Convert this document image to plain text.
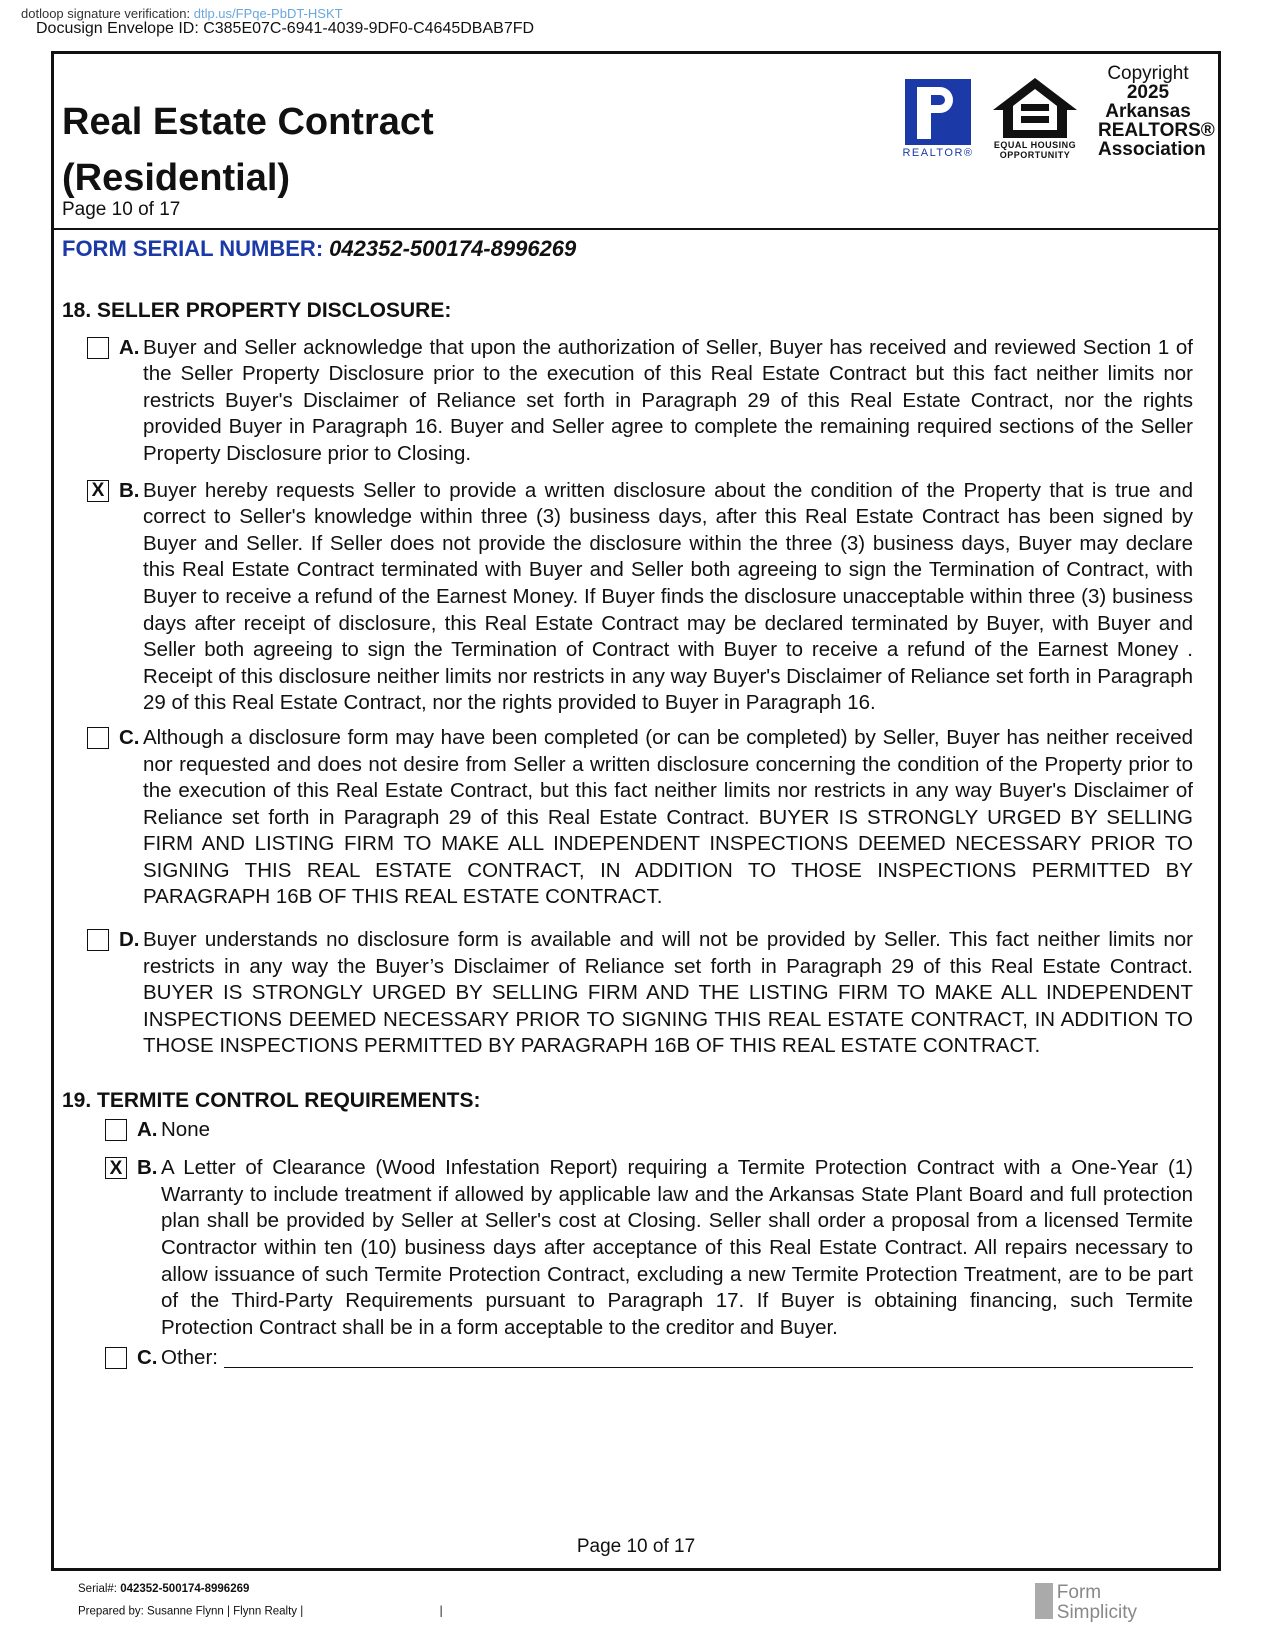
dotloop signature verification: dtlp.us/FPqe-PbDT-HSKT
Docusign Envelope ID: C385E07C-6941-4039-9DF0-C4645DBAB7FD
Real Estate Contract
(Residential)
Page 10 of 17
REALTOR®
EQUAL HOUSING
OPPORTUNITY
Copyright
2025
Arkansas
REALTORS®
Association
FORM SERIAL NUMBER: 042352-500174-8996269
18. SELLER PROPERTY DISCLOSURE:
A. Buyer and Seller acknowledge that upon the authorization of Seller, Buyer has received and reviewed Section 1 of the Seller Property Disclosure prior to the execution of this Real Estate Contract but this fact neither limits nor restricts Buyer's Disclaimer of Reliance set forth in Paragraph 29 of this Real Estate Contract, nor the rights provided Buyer in Paragraph 16. Buyer and Seller agree to complete the remaining required sections of the Seller Property Disclosure prior to Closing.
X B. Buyer hereby requests Seller to provide a written disclosure about the condition of the Property that is true and correct to Seller's knowledge within three (3) business days, after this Real Estate Contract has been signed by Buyer and Seller. If Seller does not provide the disclosure within the three (3) business days, Buyer may declare this Real Estate Contract terminated with Buyer and Seller both agreeing to sign the Termination of Contract, with Buyer to receive a refund of the Earnest Money. If Buyer finds the disclosure unacceptable within three (3) business days after receipt of disclosure, this Real Estate Contract may be declared terminated by Buyer, with Buyer and Seller both agreeing to sign the Termination of Contract with Buyer to receive a refund of the Earnest Money . Receipt of this disclosure neither limits nor restricts in any way Buyer's Disclaimer of Reliance set forth in Paragraph 29 of this Real Estate Contract, nor the rights provided to Buyer in Paragraph 16.
C. Although a disclosure form may have been completed (or can be completed) by Seller, Buyer has neither received nor requested and does not desire from Seller a written disclosure concerning the condition of the Property prior to the execution of this Real Estate Contract, but this fact neither limits nor restricts in any way Buyer's Disclaimer of Reliance set forth in Paragraph 29 of this Real Estate Contract. BUYER IS STRONGLY URGED BY SELLING FIRM AND LISTING FIRM TO MAKE ALL INDEPENDENT INSPECTIONS DEEMED NECESSARY PRIOR TO SIGNING THIS REAL ESTATE CONTRACT, IN ADDITION TO THOSE INSPECTIONS PERMITTED BY PARAGRAPH 16B OF THIS REAL ESTATE CONTRACT.
D. Buyer understands no disclosure form is available and will not be provided by Seller. This fact neither limits nor restricts in any way the Buyer’s Disclaimer of Reliance set forth in Paragraph 29 of this Real Estate Contract. BUYER IS STRONGLY URGED BY SELLING FIRM AND THE LISTING FIRM TO MAKE ALL INDEPENDENT INSPECTIONS DEEMED NECESSARY PRIOR TO SIGNING THIS REAL ESTATE CONTRACT, IN ADDITION TO THOSE INSPECTIONS PERMITTED BY PARAGRAPH 16B OF THIS REAL ESTATE CONTRACT.
19. TERMITE CONTROL REQUIREMENTS:
A. None
X B. A Letter of Clearance (Wood Infestation Report) requiring a Termite Protection Contract with a One-Year (1) Warranty to include treatment if allowed by applicable law and the Arkansas State Plant Board and full protection plan shall be provided by Seller at Seller's cost at Closing. Seller shall order a proposal from a licensed Termite Contractor within ten (10) business days after acceptance of this Real Estate Contract. All repairs necessary to allow issuance of such Termite Protection Contract, excluding a new Termite Protection Treatment, are to be part of the Third-Party Requirements pursuant to Paragraph 17. If Buyer is obtaining financing, such Termite Protection Contract shall be in a form acceptable to the creditor and Buyer.
C. Other:
Page 10 of 17
Serial#: 042352-500174-8996269
Prepared by: Susanne Flynn | Flynn Realty |	|
Form
Simplicity
